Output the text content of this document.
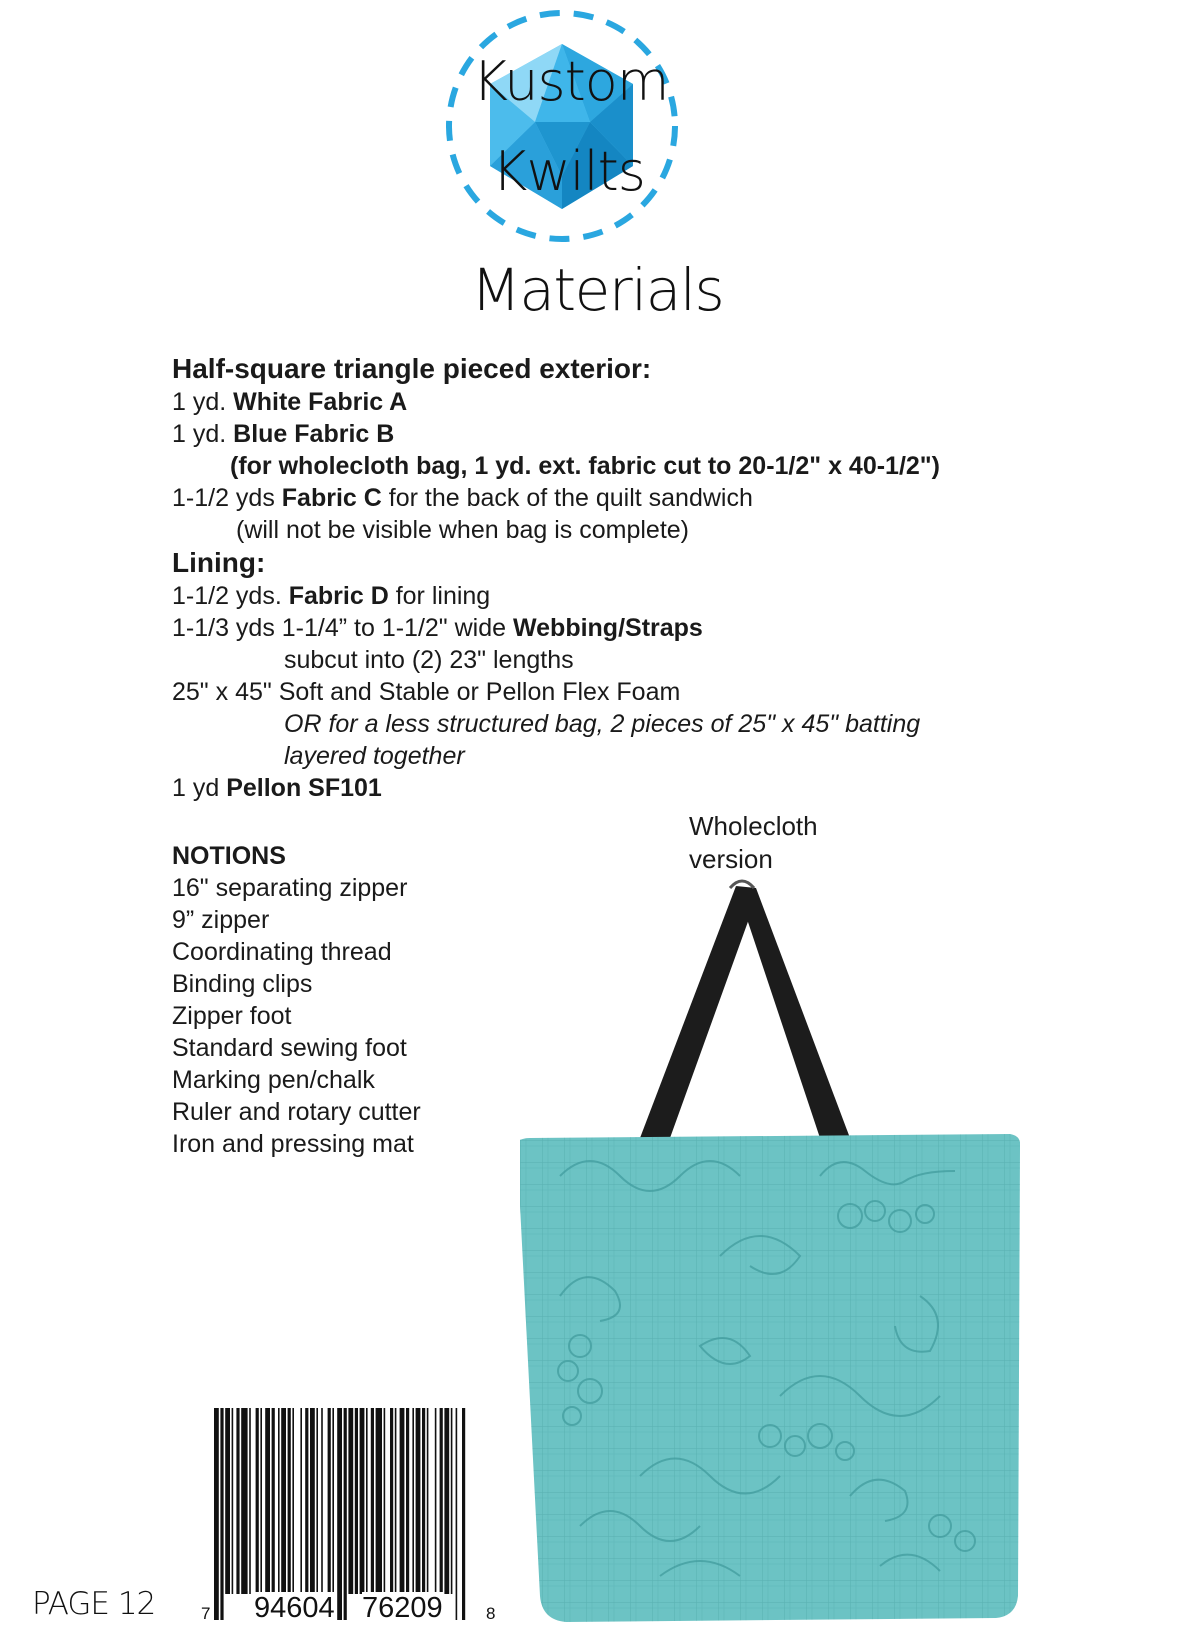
Kustom
Kwilts
Materials
Half-square triangle pieced exterior:
1 yd. White Fabric A
1 yd. Blue Fabric B
(for wholecloth bag, 1 yd. ext. fabric cut to 20-1/2" x 40-1/2")
1-1/2 yds Fabric C for the back of the quilt sandwich
(will not be visible when bag is complete)
Lining:
1-1/2 yds. Fabric D for lining
1-1/3 yds 1-1/4” to 1-1/2" wide Webbing/Straps
subcut into (2) 23" lengths
25" x 45" Soft and Stable or Pellon Flex Foam
OR for a less structured bag, 2 pieces of 25" x 45" batting
layered together
1 yd Pellon SF101
NOTIONS
16" separating zipper
9” zipper
Coordinating thread
Binding clips
Zipper foot
Standard sewing foot
Marking pen/chalk
Ruler and rotary cutter
Iron and pressing mat
Wholecloth
version
PAGE 12	7 94604 76209	8
